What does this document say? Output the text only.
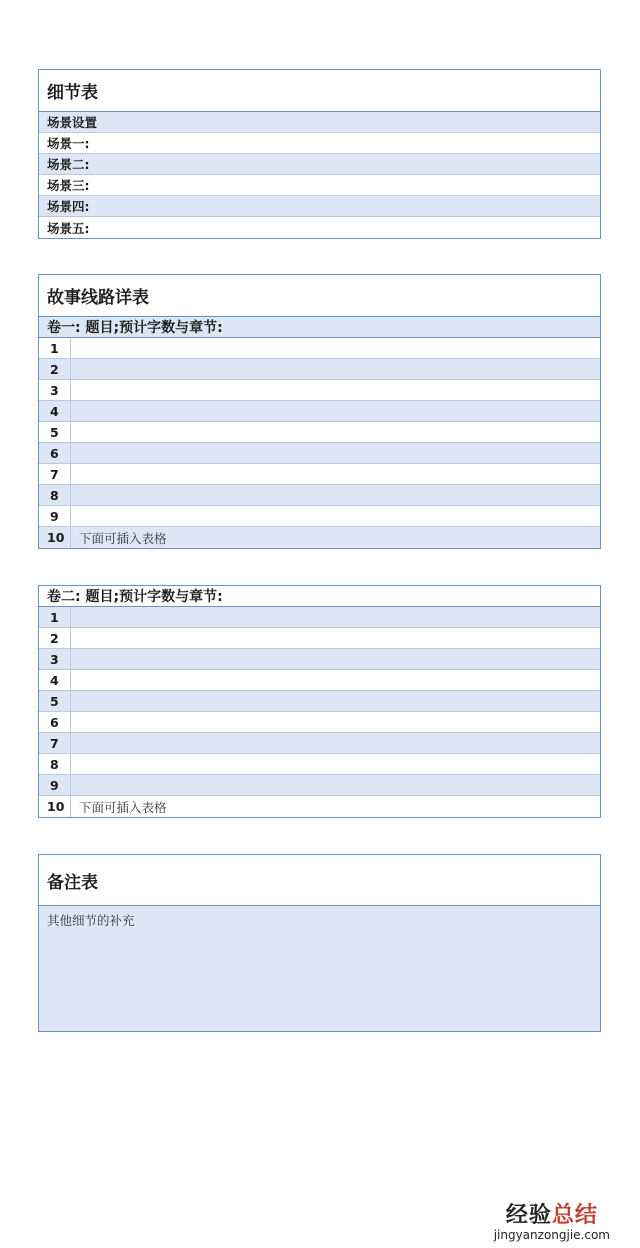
细节表
场景设置
场景一:
场景二:
场景三:
场景四:
场景五:
故事线路详表
卷一: 题目;预计字数与章节:
1
2
3
4
5
6
7
8
9
10	下面可插入表格
卷二: 题目;预计字数与章节:
1
2
3
4
5
6
7
8
9
10	下面可插入表格
备注表
其他细节的补充
经验总结
jingyanzongjie.com
